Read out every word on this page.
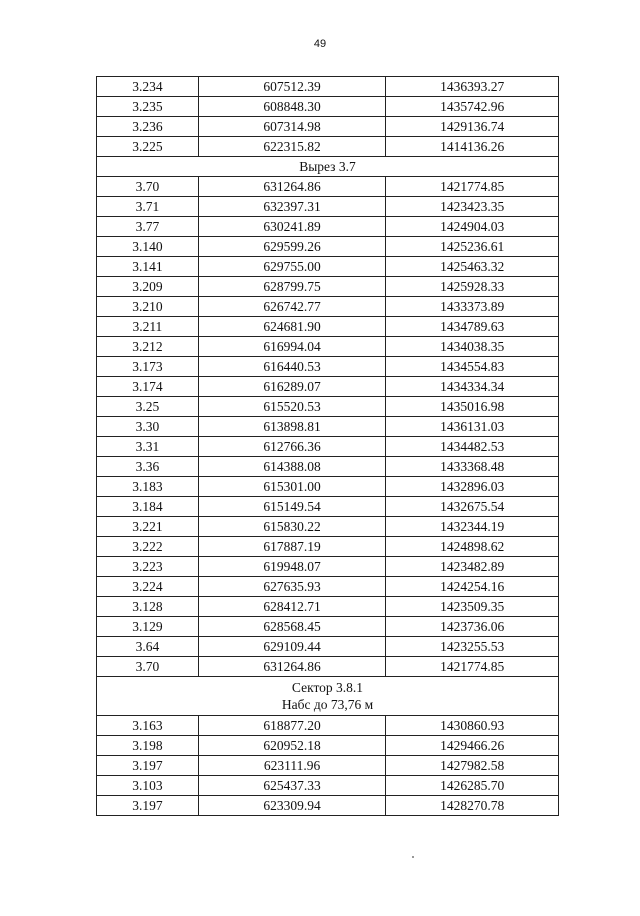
49
3.234	607512.39	1436393.27
3.235	608848.30	1435742.96
3.236	607314.98	1429136.74
3.225	622315.82	1414136.26

Вырез 3.7		

3.70	631264.86	1421774.85
3.71	632397.31	1423423.35
3.77	630241.89	1424904.03
3.140	629599.26	1425236.61
3.141	629755.00	1425463.32
3.209	628799.75	1425928.33
3.210	626742.77	1433373.89
3.211	624681.90	1434789.63
3.212	616994.04	1434038.35
3.173	616440.53	1434554.83
3.174	616289.07	1434334.34
3.25	615520.53	1435016.98
3.30	613898.81	1436131.03
3.31	612766.36	1434482.53
3.36	614388.08	1433368.48
3.183	615301.00	1432896.03
3.184	615149.54	1432675.54
3.221	615830.22	1432344.19
3.222	617887.19	1424898.62
3.223	619948.07	1423482.89
3.224	627635.93	1424254.16
3.128	628412.71	1423509.35
3.129	628568.45	1423736.06
3.64	629109.44	1423255.53
3.70	631264.86	1421774.85

Сектор 3.8.1
Набс до 73,76 м		

3.163	618877.20	1430860.93
3.198	620952.18	1429466.26
3.197	623111.96	1427982.58
3.103	625437.33	1426285.70
3.197	623309.94	1428270.78
